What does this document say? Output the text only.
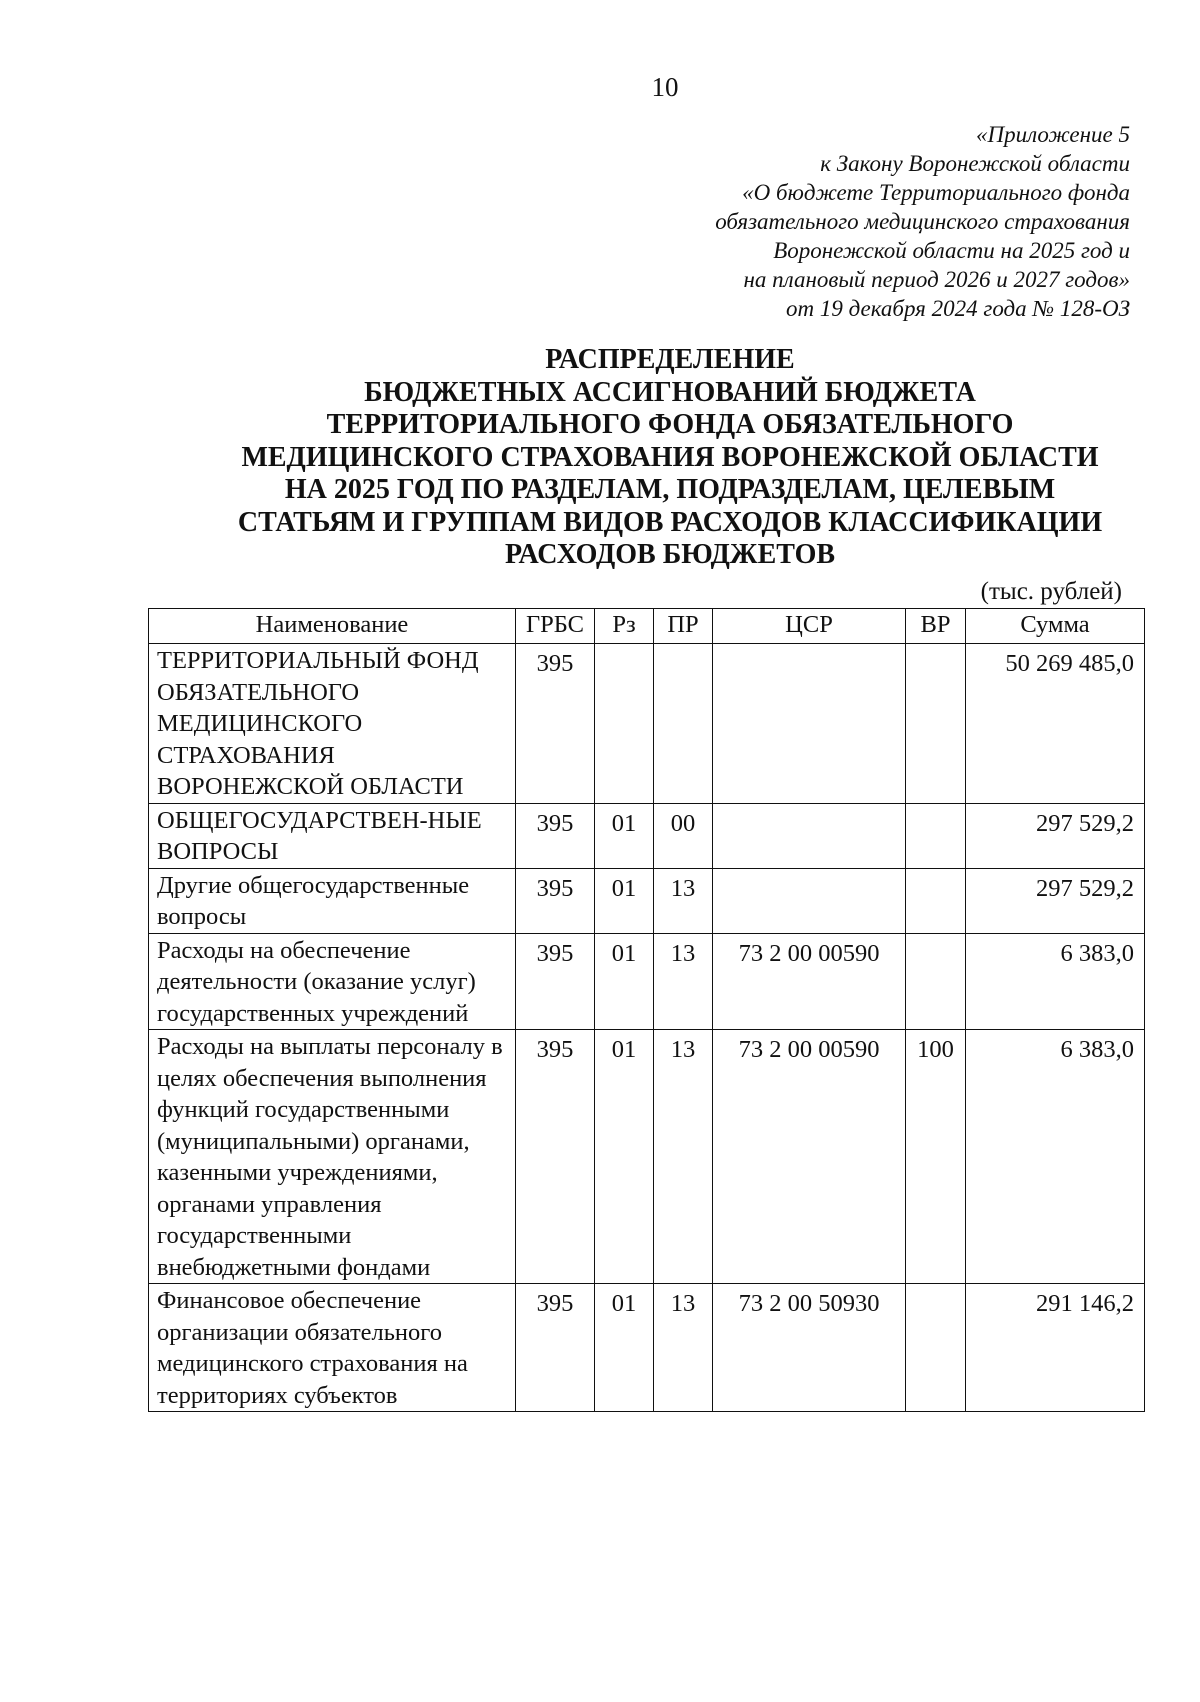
10
«Приложение 5
к Закону Воронежской области
«О бюджете Территориального фонда
обязательного медицинского страхования
Воронежской области на 2025 год и
на плановый период 2026 и 2027 годов»
от 19 декабря 2024 года № 128-ОЗ
РАСПРЕДЕЛЕНИЕ
БЮДЖЕТНЫХ АССИГНОВАНИЙ БЮДЖЕТА
ТЕРРИТОРИАЛЬНОГО ФОНДА ОБЯЗАТЕЛЬНОГО
МЕДИЦИНСКОГО СТРАХОВАНИЯ ВОРОНЕЖСКОЙ ОБЛАСТИ
НА 2025 ГОД ПО РАЗДЕЛАМ, ПОДРАЗДЕЛАМ, ЦЕЛЕВЫМ
СТАТЬЯМ И ГРУППАМ ВИДОВ РАСХОДОВ КЛАССИФИКАЦИИ
РАСХОДОВ БЮДЖЕТОВ
(тыс. рублей)
Наименование	ГРБС	Рз	ПР	ЦСР	ВР	Сумма
ТЕРРИТОРИАЛЬНЫЙ ФОНД ОБЯЗАТЕЛЬНОГО МЕДИЦИНСКОГО СТРАХОВАНИЯ ВОРОНЕЖСКОЙ ОБЛАСТИ	395					50 269 485,0
ОБЩЕГОСУДАРСТВЕН-НЫЕ ВОПРОСЫ	395	01	00			297 529,2
Другие общегосударственные вопросы	395	01	13			297 529,2
Расходы на обеспечение деятельности (оказание услуг) государственных учреждений	395	01	13	73 2 00 00590		6 383,0
Расходы на выплаты персоналу в целях обеспечения выполнения функций государственными (муниципальными) органами, казенными учреждениями, органами управления государственными внебюджетными фондами	395	01	13	73 2 00 00590	100	6 383,0
Финансовое обеспечение организации обязательного медицинского страхования на территориях субъектов	395	01	13	73 2 00 50930		291 146,2
